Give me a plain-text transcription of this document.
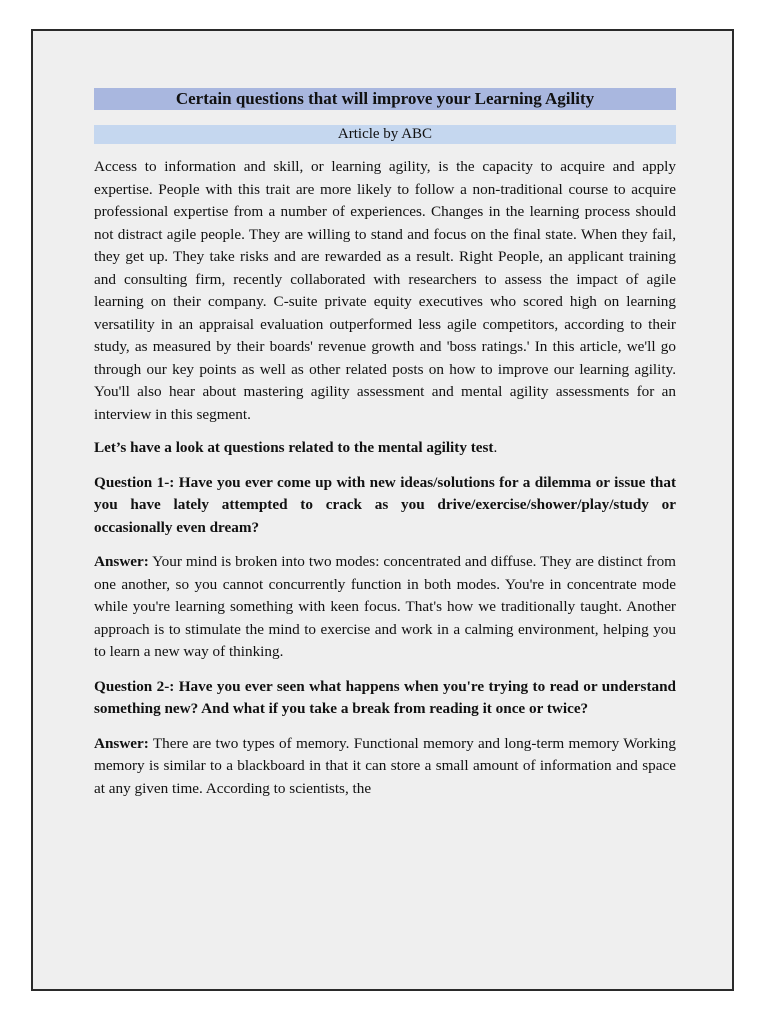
Certain questions that will improve your Learning Agility
Article by ABC

Access to information and skill, or learning agility, is the capacity to acquire and apply expertise. People with this trait are more likely to follow a non-traditional course to acquire professional expertise from a number of experiences. Changes in the learning process should not distract agile people. They are willing to stand and focus on the final state. When they fail, they get up. They take risks and are rewarded as a result. Right People, an applicant training and consulting firm, recently collaborated with researchers to assess the impact of agile learning on their company. C-suite private equity executives who scored high on learning versatility in an appraisal evaluation outperformed less agile competitors, according to their study, as measured by their boards' revenue growth and 'boss ratings.' In this article, we'll go through our key points as well as other related posts on how to improve our learning agility. You'll also hear about mastering agility assessment and mental agility assessments for an interview in this segment.

Let’s have a look at questions related to the mental agility test.

Question 1-: Have you ever come up with new ideas/solutions for a dilemma or issue that you have lately attempted to crack as you drive/exercise/shower/play/study or occasionally even dream?

Answer: Your mind is broken into two modes: concentrated and diffuse. They are distinct from one another, so you cannot concurrently function in both modes. You're in concentrate mode while you're learning something with keen focus. That's how we traditionally taught. Another approach is to stimulate the mind to exercise and work in a calming environment, helping you to learn a new way of thinking.

Question 2-: Have you ever seen what happens when you're trying to read or understand something new? And what if you take a break from reading it once or twice?

Answer: There are two types of memory. Functional memory and long-term memory Working memory is similar to a blackboard in that it can store a small amount of information and space at any given time. According to scientists, the
